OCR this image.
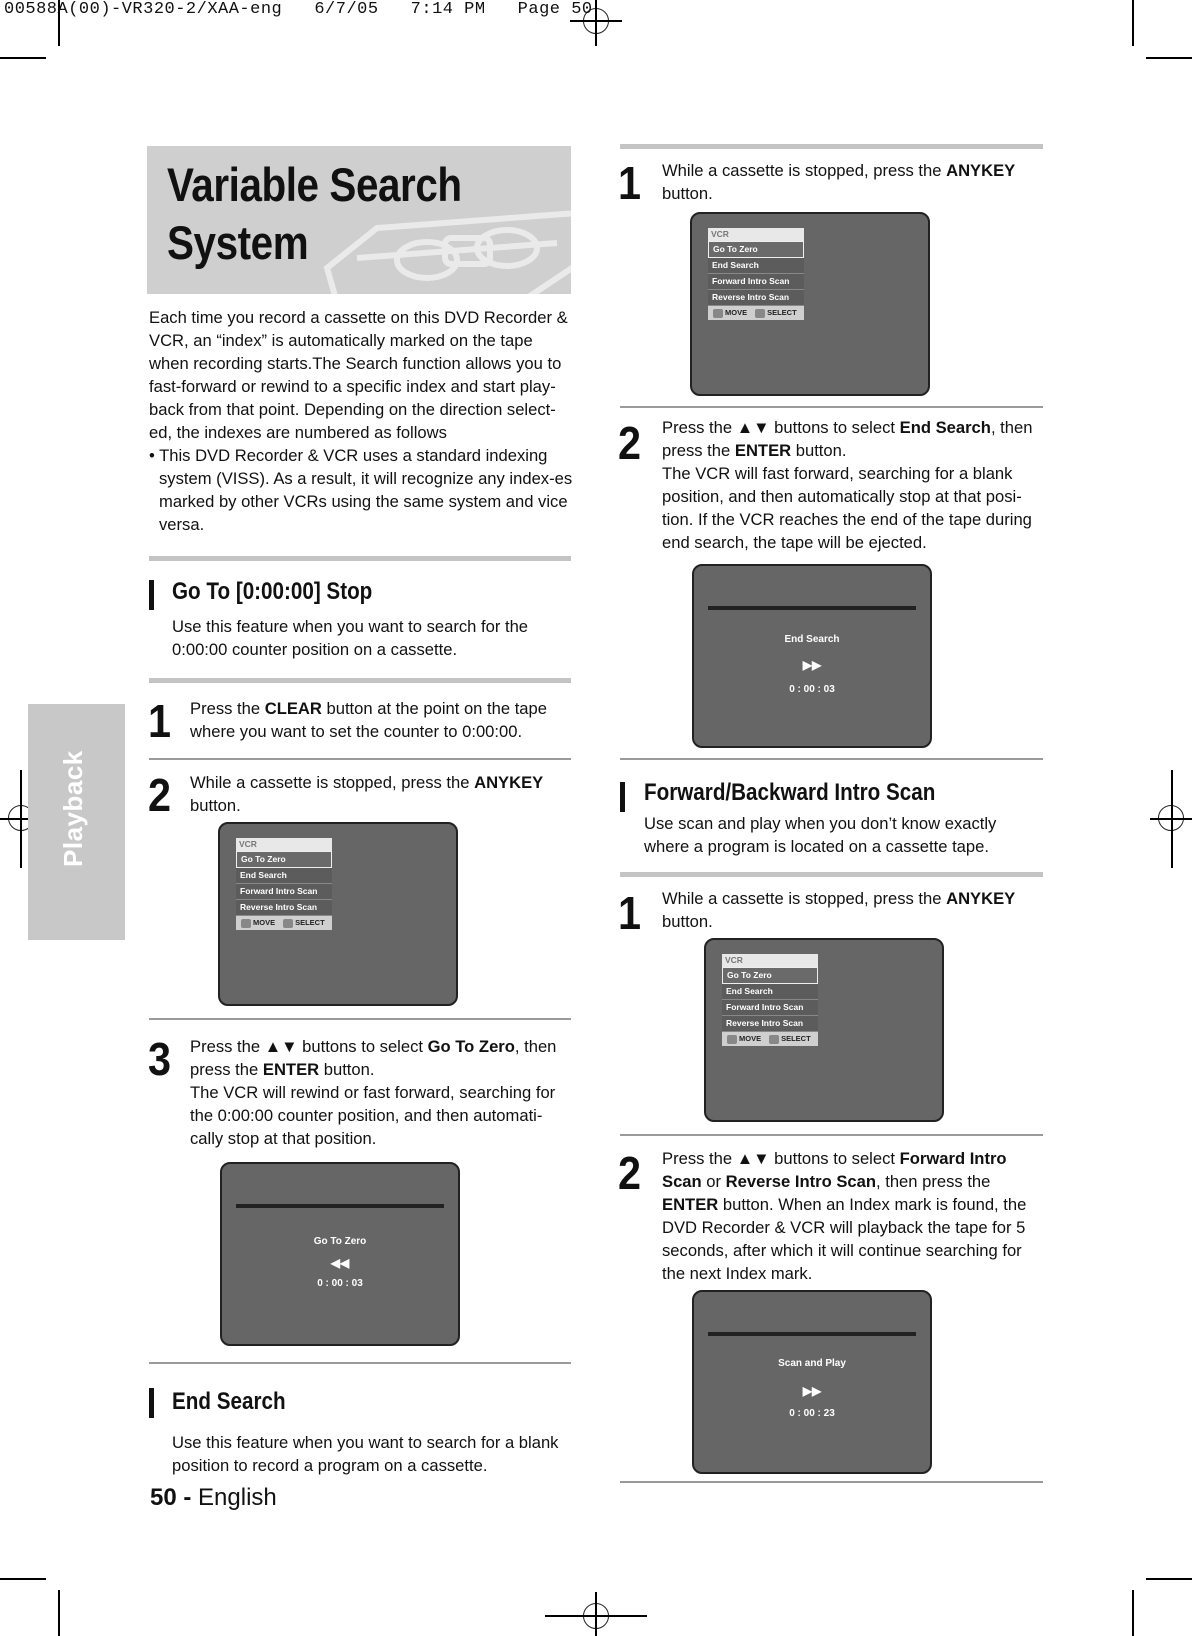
00588A(00)-VR320-2/XAA-eng   6/7/05   7:14 PM   Page 50
Variable Search
System
Each time you record a cassette on this DVD Recorder & VCR, an “index” is automatically marked on the tape when recording starts.The Search function allows you to fast-forward or rewind to a specific index and start play-back from that point. Depending on the direction select-ed, the indexes are numbered as follows
• This DVD Recorder & VCR uses a standard indexing system (VISS). As a result, it will recognize any index-es marked by other VCRs using the same system and vice versa.
Playback
Go To [0:00:00] Stop
Use this feature when you want to search for the 0:00:00 counter position on a cassette.
1 Press the CLEAR button at the point on the tape where you want to set the counter to 0:00:00.
2 While a cassette is stopped, press the ANYKEY button.
VCR
Go To Zero
End Search
Forward Intro Scan
Reverse Intro Scan
MOVE	SELECT
3 Press the ▲▼ buttons to select Go To Zero, then press the ENTER button.
The VCR will rewind or fast forward, searching for the 0:00:00 counter position, and then automati-cally stop at that position.
Go To Zero
◀◀
0 : 00 : 03
End Search
Use this feature when you want to search for a blank position to record a program on a cassette.
1 While a cassette is stopped, press the ANYKEY button.
VCR
Go To Zero
End Search
Forward Intro Scan
Reverse Intro Scan
MOVE	SELECT
2 Press the ▲▼ buttons to select End Search, then press the ENTER button.
The VCR will fast forward, searching for a blank position, and then automatically stop at that posi-tion. If the VCR reaches the end of the tape during end search, the tape will be ejected.
End Search
▶▶
0 : 00 : 03
Forward/Backward Intro Scan
Use scan and play when you don’t know exactly where a program is located on a cassette tape.
1 While a cassette is stopped, press the ANYKEY button.
VCR
Go To Zero
End Search
Forward Intro Scan
Reverse Intro Scan
MOVE	SELECT
2 Press the ▲▼ buttons to select Forward Intro Scan or Reverse Intro Scan, then press the ENTER button. When an Index mark is found, the DVD Recorder & VCR will playback the tape for 5 seconds, after which it will continue searching for the next Index mark.
Scan and Play
▶▶
0 : 00 : 23
50 - English
